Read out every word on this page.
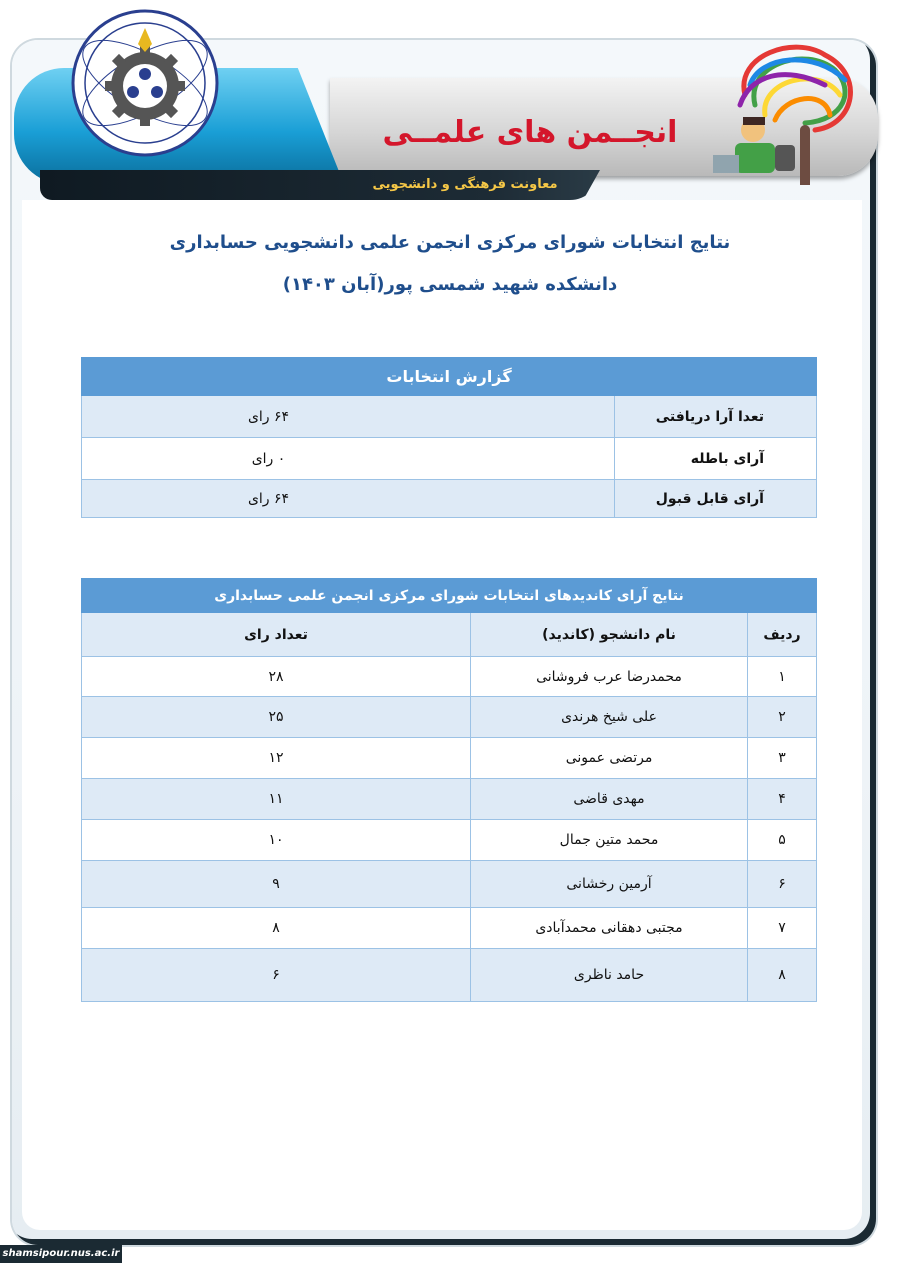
انجــمن های علمــی
معاونت فرهنگی و دانشجویی
نتایج انتخابات شورای مرکزی انجمن علمی دانشجویی حسابداری
دانشکده شهید شمسی پور(آبان ۱۴۰۳)
گزارش انتخابات	
تعدا آرا دریافتی	۶۴ رای
آرای باطله	۰ رای
آرای قابل قبول	۶۴ رای
نتایج آرای کاندیدهای انتخابات شورای مرکزی انجمن علمی حسابداری		
ردیف	نام دانشجو (کاندید)	تعداد رای
۱	محمدرضا عرب فروشانی	۲۸
۲	علی شیخ هرندی	۲۵
۳	مرتضی عمونی	۱۲
۴	مهدی قاضی	۱۱
۵	محمد متین جمال	۱۰
۶	آرمین رخشانی	۹
۷	مجتبی دهقانی محمدآبادی	۸
۸	حامد ناظری	۶
shamsipour.nus.ac.ir
